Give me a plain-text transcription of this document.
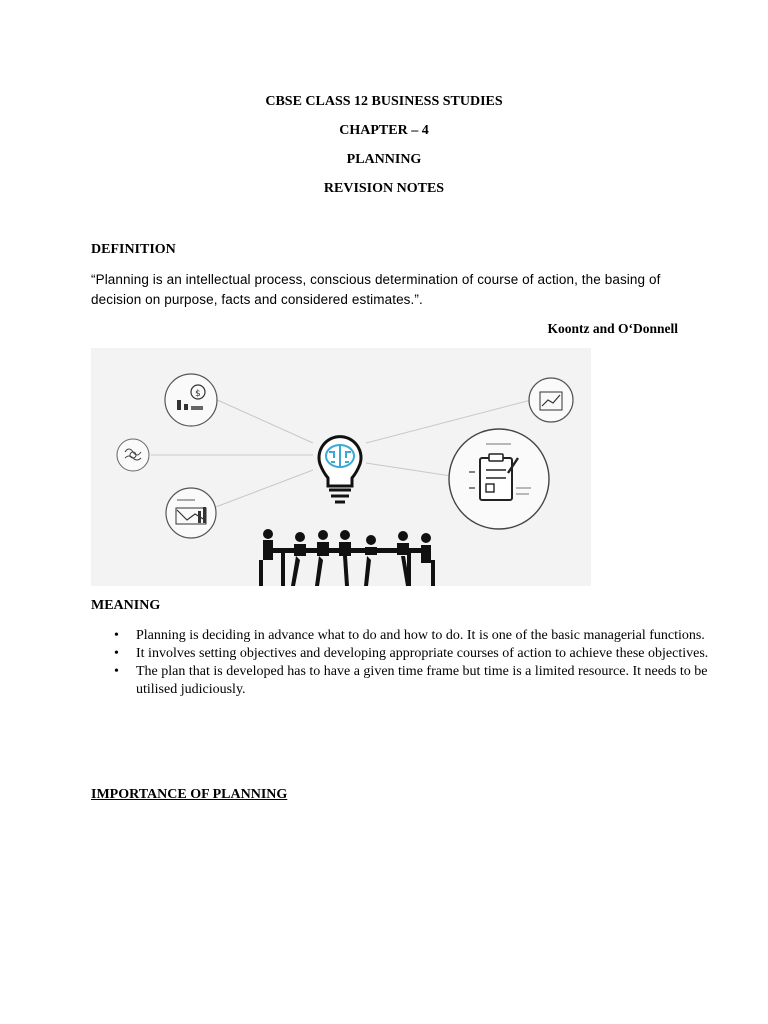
CBSE CLASS 12 BUSINESS STUDIES
CHAPTER – 4
PLANNING
REVISION NOTES
DEFINITION
“Planning is an intellectual process, conscious determination of course of action, the basing of decision on purpose, facts and considered estimates.”.
Koontz and O‘Donnell
$
MEANING
• Planning is deciding in advance what to do and how to do. It is one of the basic managerial functions.
• It involves setting objectives and developing appropriate courses of action to achieve these objectives.
• The plan that is developed has to have a given time frame but time is a limited resource. It needs to be utilised judiciously.
IMPORTANCE OF PLANNING
